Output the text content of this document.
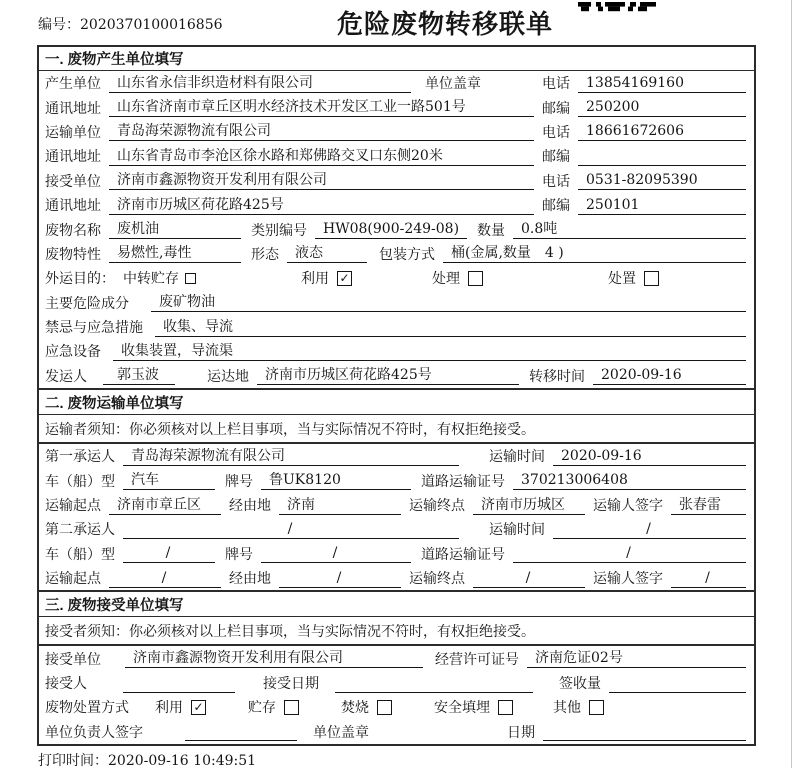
编号：2020370100016856	危险废物转移联单
一. 废物产生单位填写
产生单位	山东省永信非织造材料有限公司	单位盖章	电话	13854169160
通讯地址	山东省济南市章丘区明水经济技术开发区工业一路501号	邮编	250200
运输单位	青岛海荣源物流有限公司	电话	18661672606
通讯地址	山东省青岛市李沧区徐水路和郑佛路交叉口东侧20米	邮编
接受单位	济南市鑫源物资开发利用有限公司	电话	0531-82095390
通讯地址	济南市历城区荷花路425号	邮编	250101
废物名称	废机油	类别编号	HW08(900-249-08)	数量	0.8吨
废物特性	易燃性,毒性	形态	液态	包装方式	桶(金属,数量　4 )
外运目的： 中转贮存	利用 ✓	处理	处置
主要危险成分	废矿物油
禁忌与应急措施	收集、导流
应急设备	收集装置，导流渠
发运人	郭玉波	运达地	济南市历城区荷花路425号	转移时间	2020-09-16
二. 废物运输单位填写
运输者须知：你必须核对以上栏目事项，当与实际情况不符时，有权拒绝接受。
第一承运人	青岛海荣源物流有限公司	运输时间	2020-09-16
车（船）型	汽车	牌号	鲁UK8120	道路运输证号	370213006408
运输起点	济南市章丘区	经由地	济南	运输终点	济南市历城区	运输人签字	张春雷
第二承运人	/	运输时间	/
车（船）型	/	牌号	/	道路运输证号	/
运输起点	/	经由地	/	运输终点	/	运输人签字	/
三. 废物接受单位填写
接受者须知：你必须核对以上栏目事项，当与实际情况不符时，有权拒绝接受。
接受单位	济南市鑫源物资开发利用有限公司	经营许可证号	济南危证02号
接受人	接受日期	签收量
废物处置方式 利用 ✓	贮存	焚烧	安全填埋	其他
单位负责人签字	单位盖章	日期
打印时间：2020-09-16 10:49:51
